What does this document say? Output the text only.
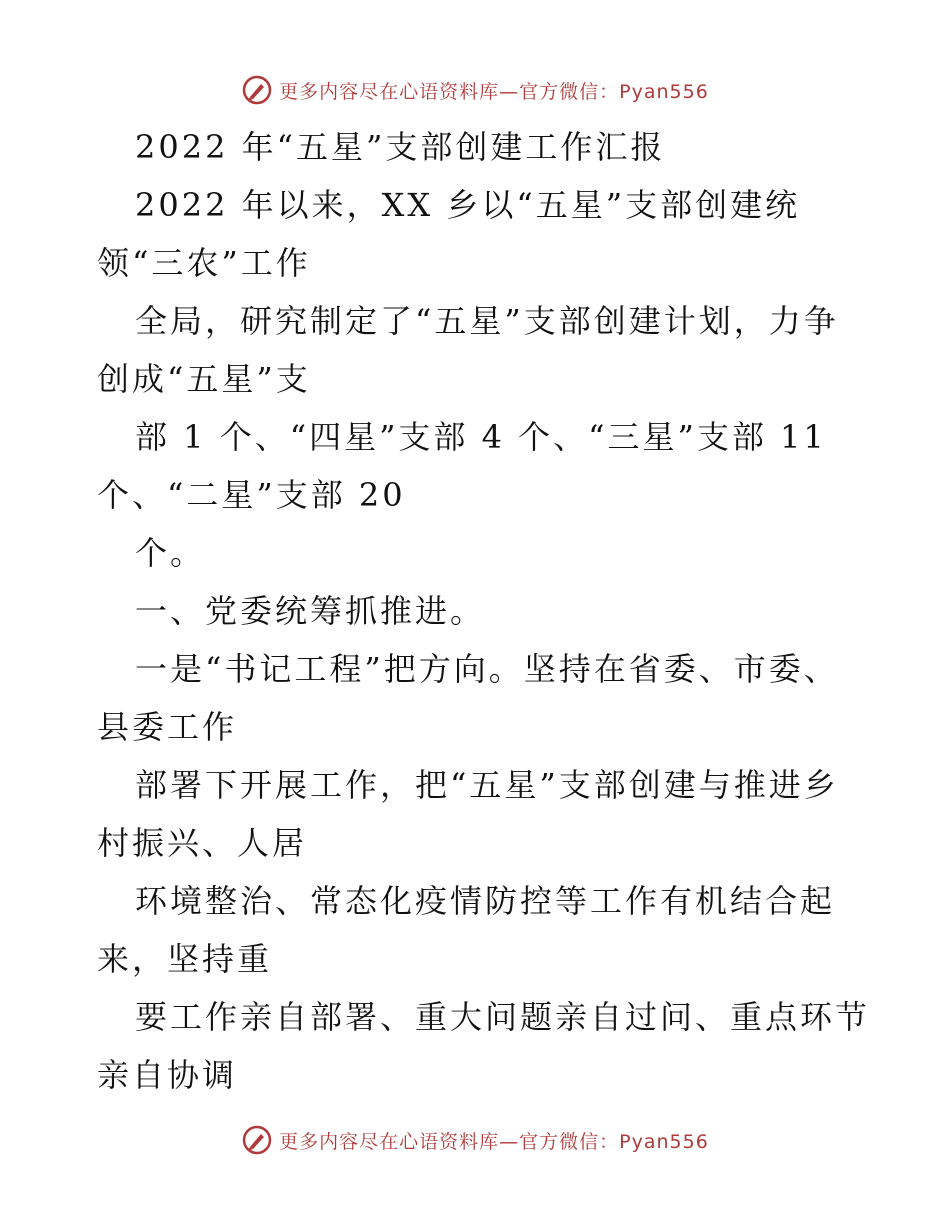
更多内容尽在心语资料库—官方微信：Pyan556
2022 年“五星”支部创建工作汇报
2022 年以来，XX 乡以“五星”支部创建统
领“三农”工作
全局，研究制定了“五星”支部创建计划，力争
创成“五星”支
部 1 个、“四星”支部 4 个、“三星”支部 11
个、“二星”支部 20
个。
一、党委统筹抓推进。
一是“书记工程”把方向。坚持在省委、市委、
县委工作
部署下开展工作，把“五星”支部创建与推进乡
村振兴、人居
环境整治、常态化疫情防控等工作有机结合起
来，坚持重
要工作亲自部署、重大问题亲自过问、重点环节
亲自协调
更多内容尽在心语资料库—官方微信：Pyan556
